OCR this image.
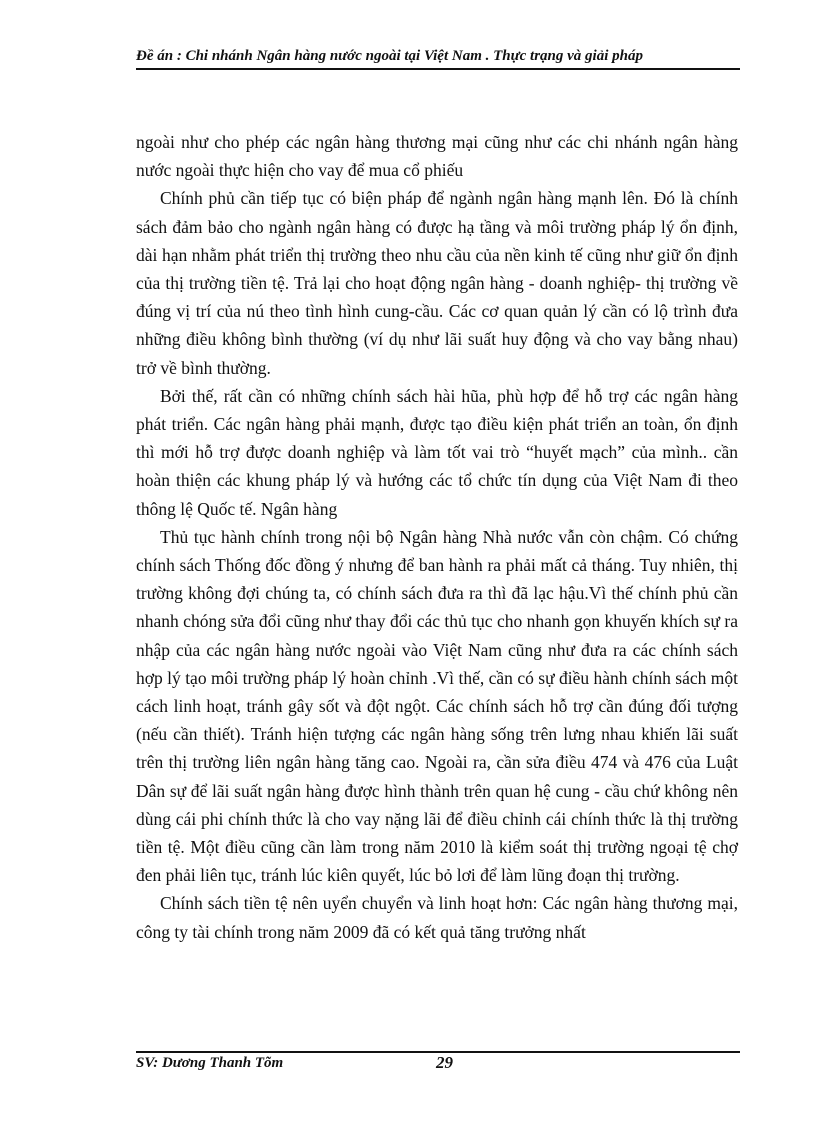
Đề án : Chi nhánh Ngân hàng nước ngoài tại Việt Nam . Thực trạng và giải pháp

ngoài như cho phép các ngân hàng thương mại cũng như các chi nhánh ngân hàng nước ngoài thực hiện cho vay để mua cổ phiếu

Chính phủ cần tiếp tục có biện pháp để ngành ngân hàng mạnh lên. Đó là chính sách đảm bảo cho ngành ngân hàng có được hạ tầng và môi trường pháp lý ổn định, dài hạn nhằm phát triển thị trường theo nhu cầu của nền kinh tế cũng như giữ ổn định của thị trường tiền tệ. Trả lại cho hoạt động ngân hàng - doanh nghiệp- thị trường về đúng vị trí của nú theo tình hình cung-cầu. Các cơ quan quản lý cần có lộ trình đưa những điều không bình thường (ví dụ như lãi suất huy động và cho vay bằng nhau) trở về bình thường.

Bởi thế, rất cần có những chính sách hài hũa, phù hợp để hỗ trợ các ngân hàng phát triển. Các ngân hàng phải mạnh, được tạo điều kiện phát triển an toàn, ổn định thì mới hỗ trợ được doanh nghiệp và làm tốt vai trò “huyết mạch” của mình.. cần hoàn thiện các khung pháp lý và hướng các tổ chức tín dụng của Việt Nam đi theo thông lệ Quốc tế. Ngân hàng

Thủ tục hành chính trong nội bộ Ngân hàng Nhà nước vẫn còn chậm. Có chứng chính sách Thống đốc đồng ý nhưng để ban hành ra phải mất cả tháng. Tuy nhiên, thị trường không đợi chúng ta, có chính sách đưa ra thì đã lạc hậu.Vì thế chính phủ cần nhanh chóng sửa đổi cũng như thay đổi các thủ tục cho nhanh gọn khuyến khích sự ra nhập của các ngân hàng nước ngoài vào Việt Nam cũng như đưa ra các chính sách hợp lý tạo môi trường pháp lý hoàn chỉnh .Vì thế, cần có sự điều hành chính sách một cách linh hoạt, tránh gây sốt và đột ngột. Các chính sách hỗ trợ cần đúng đối tượng (nếu cần thiết). Tránh hiện tượng các ngân hàng sống trên lưng nhau khiến lãi suất trên thị trường liên ngân hàng tăng cao. Ngoài ra, cần sửa điều 474 và 476 của Luật Dân sự để lãi suất ngân hàng được hình thành trên quan hệ cung - cầu chứ không nên dùng cái phi chính thức là cho vay nặng lãi để điều chỉnh cái chính thức là thị trường tiền tệ. Một điều cũng cần làm trong năm 2010 là kiểm soát thị trường ngoại tệ chợ đen phải liên tục, tránh lúc kiên quyết, lúc bỏ lơi để làm lũng đoạn thị trường.

Chính sách tiền tệ nên uyển chuyển và linh hoạt hơn: Các ngân hàng thương mại, công ty tài chính trong năm 2009 đã có kết quả tăng trưởng nhất

SV: Dương Thanh Tõm	29
